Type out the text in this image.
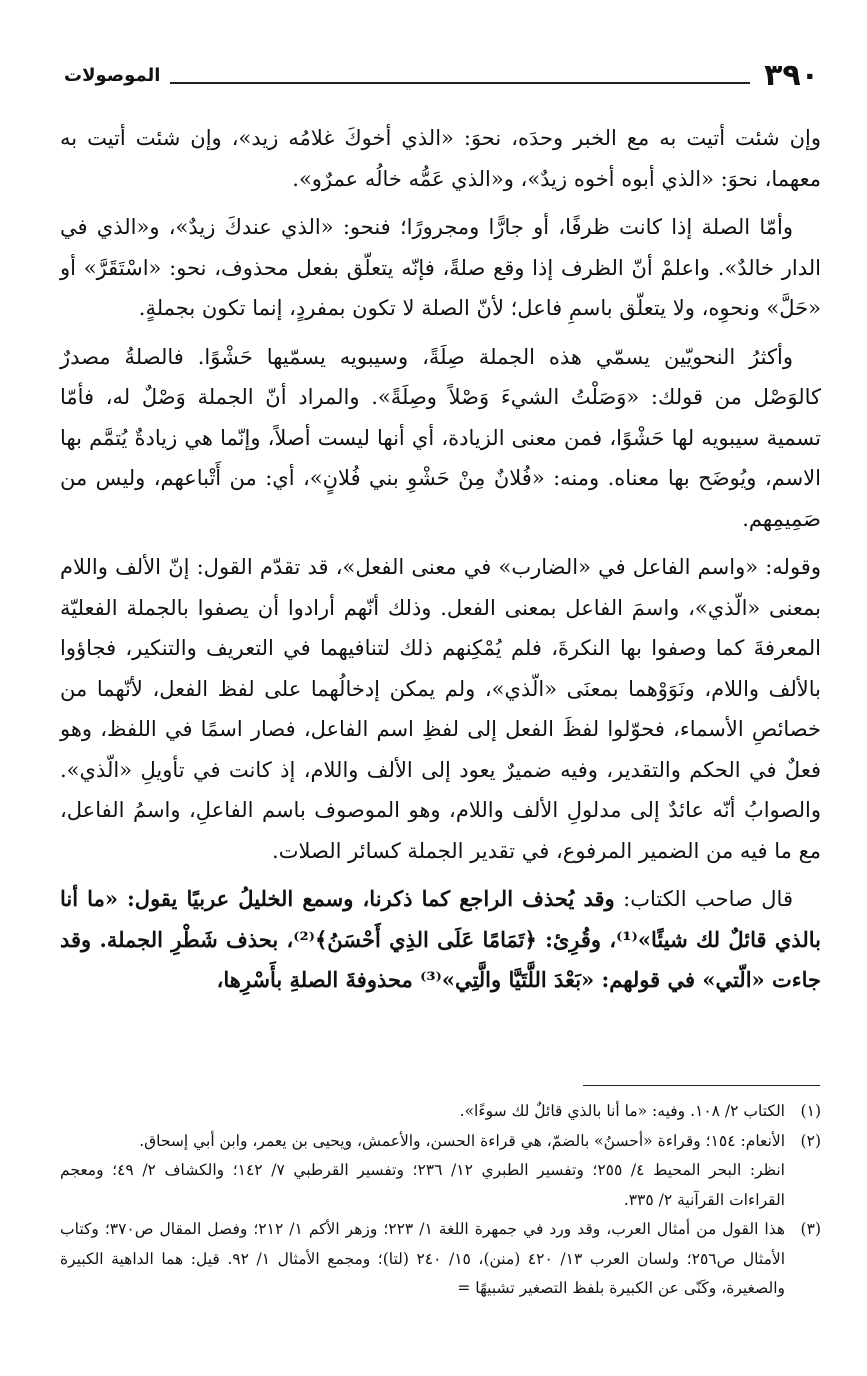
٣٩٠
الموصولات

وإن شئت أتيت به مع الخبر وحدَه، نحوَ: «الذي أخوكَ غلامُه زيد»، وإن شئت أتيت به معهما، نحوَ: «الذي أبوه أخوه زيدٌ»، و«الذي عَمُّه خالُه عمرٌو».

وأمّا الصلة إذا كانت ظرفًا، أو جارًّا ومجرورًا؛ فنحو: «الذي عندكَ زيدٌ»، و«الذي في الدار خالدٌ». واعلمْ أنّ الظرف إذا وقع صلةً، فإنّه يتعلّق بفعل محذوف، نحو: «اسْتَقَرَّ» أو «حَلَّ» ونحوِه، ولا يتعلّق باسمِ فاعل؛ لأنّ الصلة لا تكون بمفردٍ، إنما تكون بجملةٍ.

وأكثرُ النحويّين يسمّي هذه الجملة صِلَةً، وسيبويه يسمّيها حَشْوًا. فالصلةُ مصدرٌ كالوَصْل من قولك: «وَصَلْتُ الشيءَ وَصْلاً وصِلَةً». والمراد أنّ الجملة وَصْلٌ له، فأمّا تسمية سيبويه لها حَشْوًا، فمن معنى الزيادة، أي أنها ليست أصلاً، وإنّما هي زيادةٌ يُتمَّم بها الاسم، ويُوضَح بها معناه. ومنه: «فُلانٌ مِنْ حَشْوِ بني فُلانٍ»، أي: من أَتْباعهم، وليس من صَمِيمِهم.

وقوله: «واسم الفاعل في «الضارب» في معنى الفعل»، قد تقدّم القول: إنّ الألف واللام بمعنى «الّذي»، واسمَ الفاعل بمعنى الفعل. وذلك أنّهم أرادوا أن يصفوا بالجملة الفعليّة المعرفةَ كما وصفوا بها النكرةَ، فلم يُمْكِنهم ذلك لتنافيهما في التعريف والتنكير، فجاؤوا بالألف واللام، ونَوَوْهما بمعنَى «الّذي»، ولم يمكن إدخالُهما على لفظ الفعل، لأنّهما من خصائصِ الأسماء، فحوّلوا لفظَ الفعل إلى لفظِ اسم الفاعل، فصار اسمًا في اللفظ، وهو فعلٌ في الحكم والتقدير، وفيه ضميرٌ يعود إلى الألف واللام، إذ كانت في تأويلِ «الّذي». والصوابُ أنّه عائدٌ إلى مدلولِ الألف واللام، وهو الموصوف باسم الفاعلِ، واسمُ الفاعل، مع ما فيه من الضمير المرفوع، في تقدير الجملة كسائر الصلات.

قال صاحب الكتاب: وقد يُحذف الراجع كما ذكرنا، وسمع الخليلُ عربيًا يقول: «ما أنا بالذي قائلٌ لك شيئًا»⁽¹⁾، وقُرِئ: ﴿تَمَامًا عَلَى الذِي أَحْسَنُ﴾⁽²⁾، بحذف شَطْرِ الجملة. وقد جاءت «الّتي» في قولهم: «بَعْدَ اللَّتَيَّا والَّتِي»⁽³⁾ محذوفةَ الصلةِ بأَسْرِها،

(١)
الكتاب ٢/ ١٠٨. وفيه: «ما أنا بالذي قائلٌ لك سوءًا».
(٢)
الأنعام: ١٥٤؛ وقراءة «أحسنُ» بالضمّ، هي قراءة الحسن، والأعمش، ويحيى بن يعمر، وابن أبي إسحاق.
انظر: البحر المحيط ٤/ ٢٥٥؛ وتفسير الطبري ١٢/ ٢٣٦؛ وتفسير القرطبي ٧/ ١٤٢؛ والكشاف ٢/ ٤٩؛ ومعجم القراءات القرآنية ٢/ ٣٣٥.
(٣)
هذا القول من أمثال العرب، وقد ورد في جمهرة اللغة ١/ ٢٢٣؛ وزهر الأكم ١/ ٢١٢؛ وفصل المقال ص٣٧٠؛ وكتاب الأمثال ص٢٥٦؛ ولسان العرب ١٣/ ٤٢٠ (منن)، ١٥/ ٢٤٠ (لتا)؛ ومجمع الأمثال ١/ ٩٢. قيل: هما الداهية الكبيرة والصغيرة، وكَنّى عن الكبيرة بلفظ التصغير تشبيهًا =
